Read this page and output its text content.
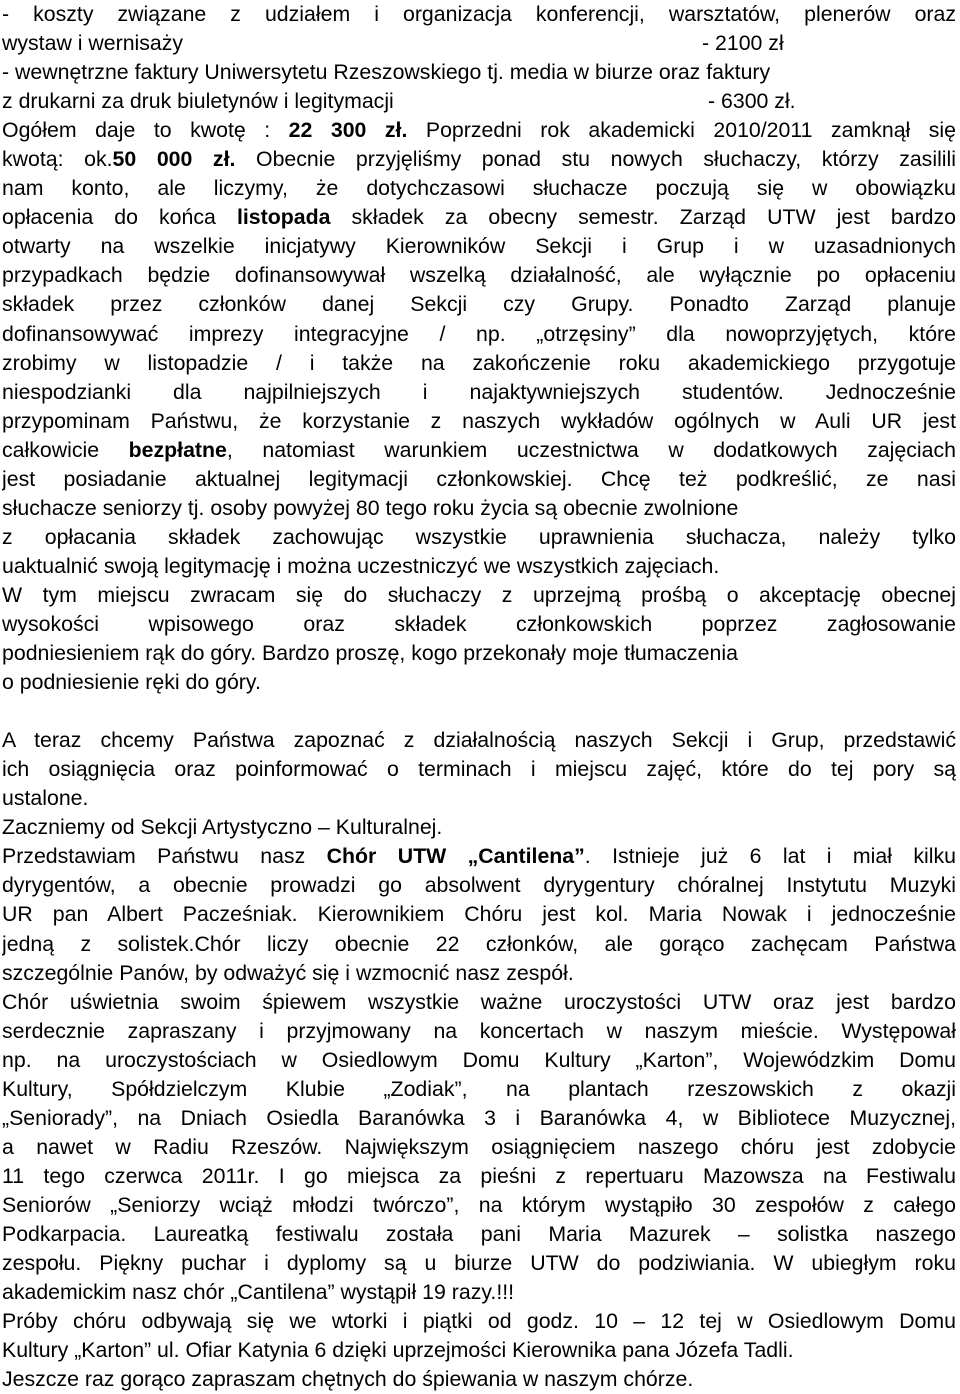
- koszty związane z udziałem i organizacja konferencji, warsztatów, plenerów oraz
wystaw i wernisaży	- 2100 zł
- wewnętrzne faktury Uniwersytetu Rzeszowskiego tj. media w biurze oraz faktury
z drukarni za druk biuletynów i legitymacji	- 6300 zł.
Ogółem daje to kwotę : 22 300 zł. Poprzedni rok akademicki 2010/2011 zamknął się
kwotą: ok.50 000 zł. Obecnie przyjęliśmy ponad stu nowych słuchaczy, którzy zasilili
nam konto, ale liczymy, że dotychczasowi słuchacze poczują się w obowiązku
opłacenia do końca listopada składek za obecny semestr. Zarząd UTW jest bardzo
otwarty na wszelkie inicjatywy Kierowników Sekcji i Grup i w uzasadnionych
przypadkach będzie dofinansowywał wszelką działalność, ale wyłącznie po opłaceniu
składek przez członków danej Sekcji czy Grupy. Ponadto Zarząd planuje
dofinansowywać imprezy integracyjne / np. „otrzęsiny” dla nowoprzyjętych, które
zrobimy w listopadzie / i także na zakończenie roku akademickiego przygotuje
niespodzianki dla najpilniejszych i najaktywniejszych studentów. Jednocześnie
przypominam Państwu, że korzystanie z naszych wykładów ogólnych w Auli UR jest
całkowicie bezpłatne, natomiast warunkiem uczestnictwa w dodatkowych zajęciach
jest posiadanie aktualnej legitymacji członkowskiej. Chcę też podkreślić, ze nasi
słuchacze seniorzy tj. osoby powyżej 80 tego roku życia są obecnie zwolnione
z opłacania składek zachowując wszystkie uprawnienia słuchacza, należy tylko
uaktualnić swoją legitymację i można uczestniczyć we wszystkich zajęciach.
W tym miejscu zwracam się do słuchaczy z uprzejmą prośbą o akceptację obecnej
wysokości wpisowego oraz składek członkowskich poprzez zagłosowanie
podniesieniem rąk do góry. Bardzo proszę, kogo przekonały moje tłumaczenia
o podniesienie ręki do góry.

A teraz chcemy Państwa zapoznać z działalnością naszych Sekcji i Grup, przedstawić
ich osiągnięcia oraz poinformować o terminach i miejscu zajęć, które do tej pory są
ustalone.
Zaczniemy od Sekcji Artystyczno – Kulturalnej.
Przedstawiam Państwu nasz Chór UTW „Cantilena”. Istnieje już 6 lat i miał kilku
dyrygentów, a obecnie prowadzi go absolwent dyrygentury chóralnej Instytutu Muzyki
UR pan Albert Pacześniak. Kierownikiem Chóru jest kol. Maria Nowak i jednocześnie
jedną z solistek.Chór liczy obecnie 22 członków, ale gorąco zachęcam Państwa
szczególnie Panów, by odważyć się i wzmocnić nasz zespół.
Chór uświetnia swoim śpiewem wszystkie ważne uroczystości UTW oraz jest bardzo
serdecznie zapraszany i przyjmowany na koncertach w naszym mieście. Występował
np. na uroczystościach w Osiedlowym Domu Kultury „Karton”, Wojewódzkim Domu
Kultury, Spółdzielczym Klubie „Zodiak”, na plantach rzeszowskich z okazji
„Seniorady”, na Dniach Osiedla Baranówka 3 i Baranówka 4, w Bibliotece Muzycznej,
a nawet w Radiu Rzeszów. Największym osiągnięciem naszego chóru jest zdobycie
11 tego czerwca 2011r. I go miejsca za pieśni z repertuaru Mazowsza na Festiwalu
Seniorów „Seniorzy wciąż młodzi twórczo”, na którym wystąpiło 30 zespołów z całego
Podkarpacia. Laureatką festiwalu została pani Maria Mazurek – solistka naszego
zespołu. Piękny puchar i dyplomy są u biurze UTW do podziwiania. W ubiegłym roku
akademickim nasz chór „Cantilena” wystąpił 19 razy.!!!
Próby chóru odbywają się we wtorki i piątki od godz. 10 – 12 tej w Osiedlowym Domu
Kultury „Karton” ul. Ofiar Katynia 6 dzięki uprzejmości Kierownika pana Józefa Tadli.
Jeszcze raz gorąco zapraszam chętnych do śpiewania w naszym chórze.
